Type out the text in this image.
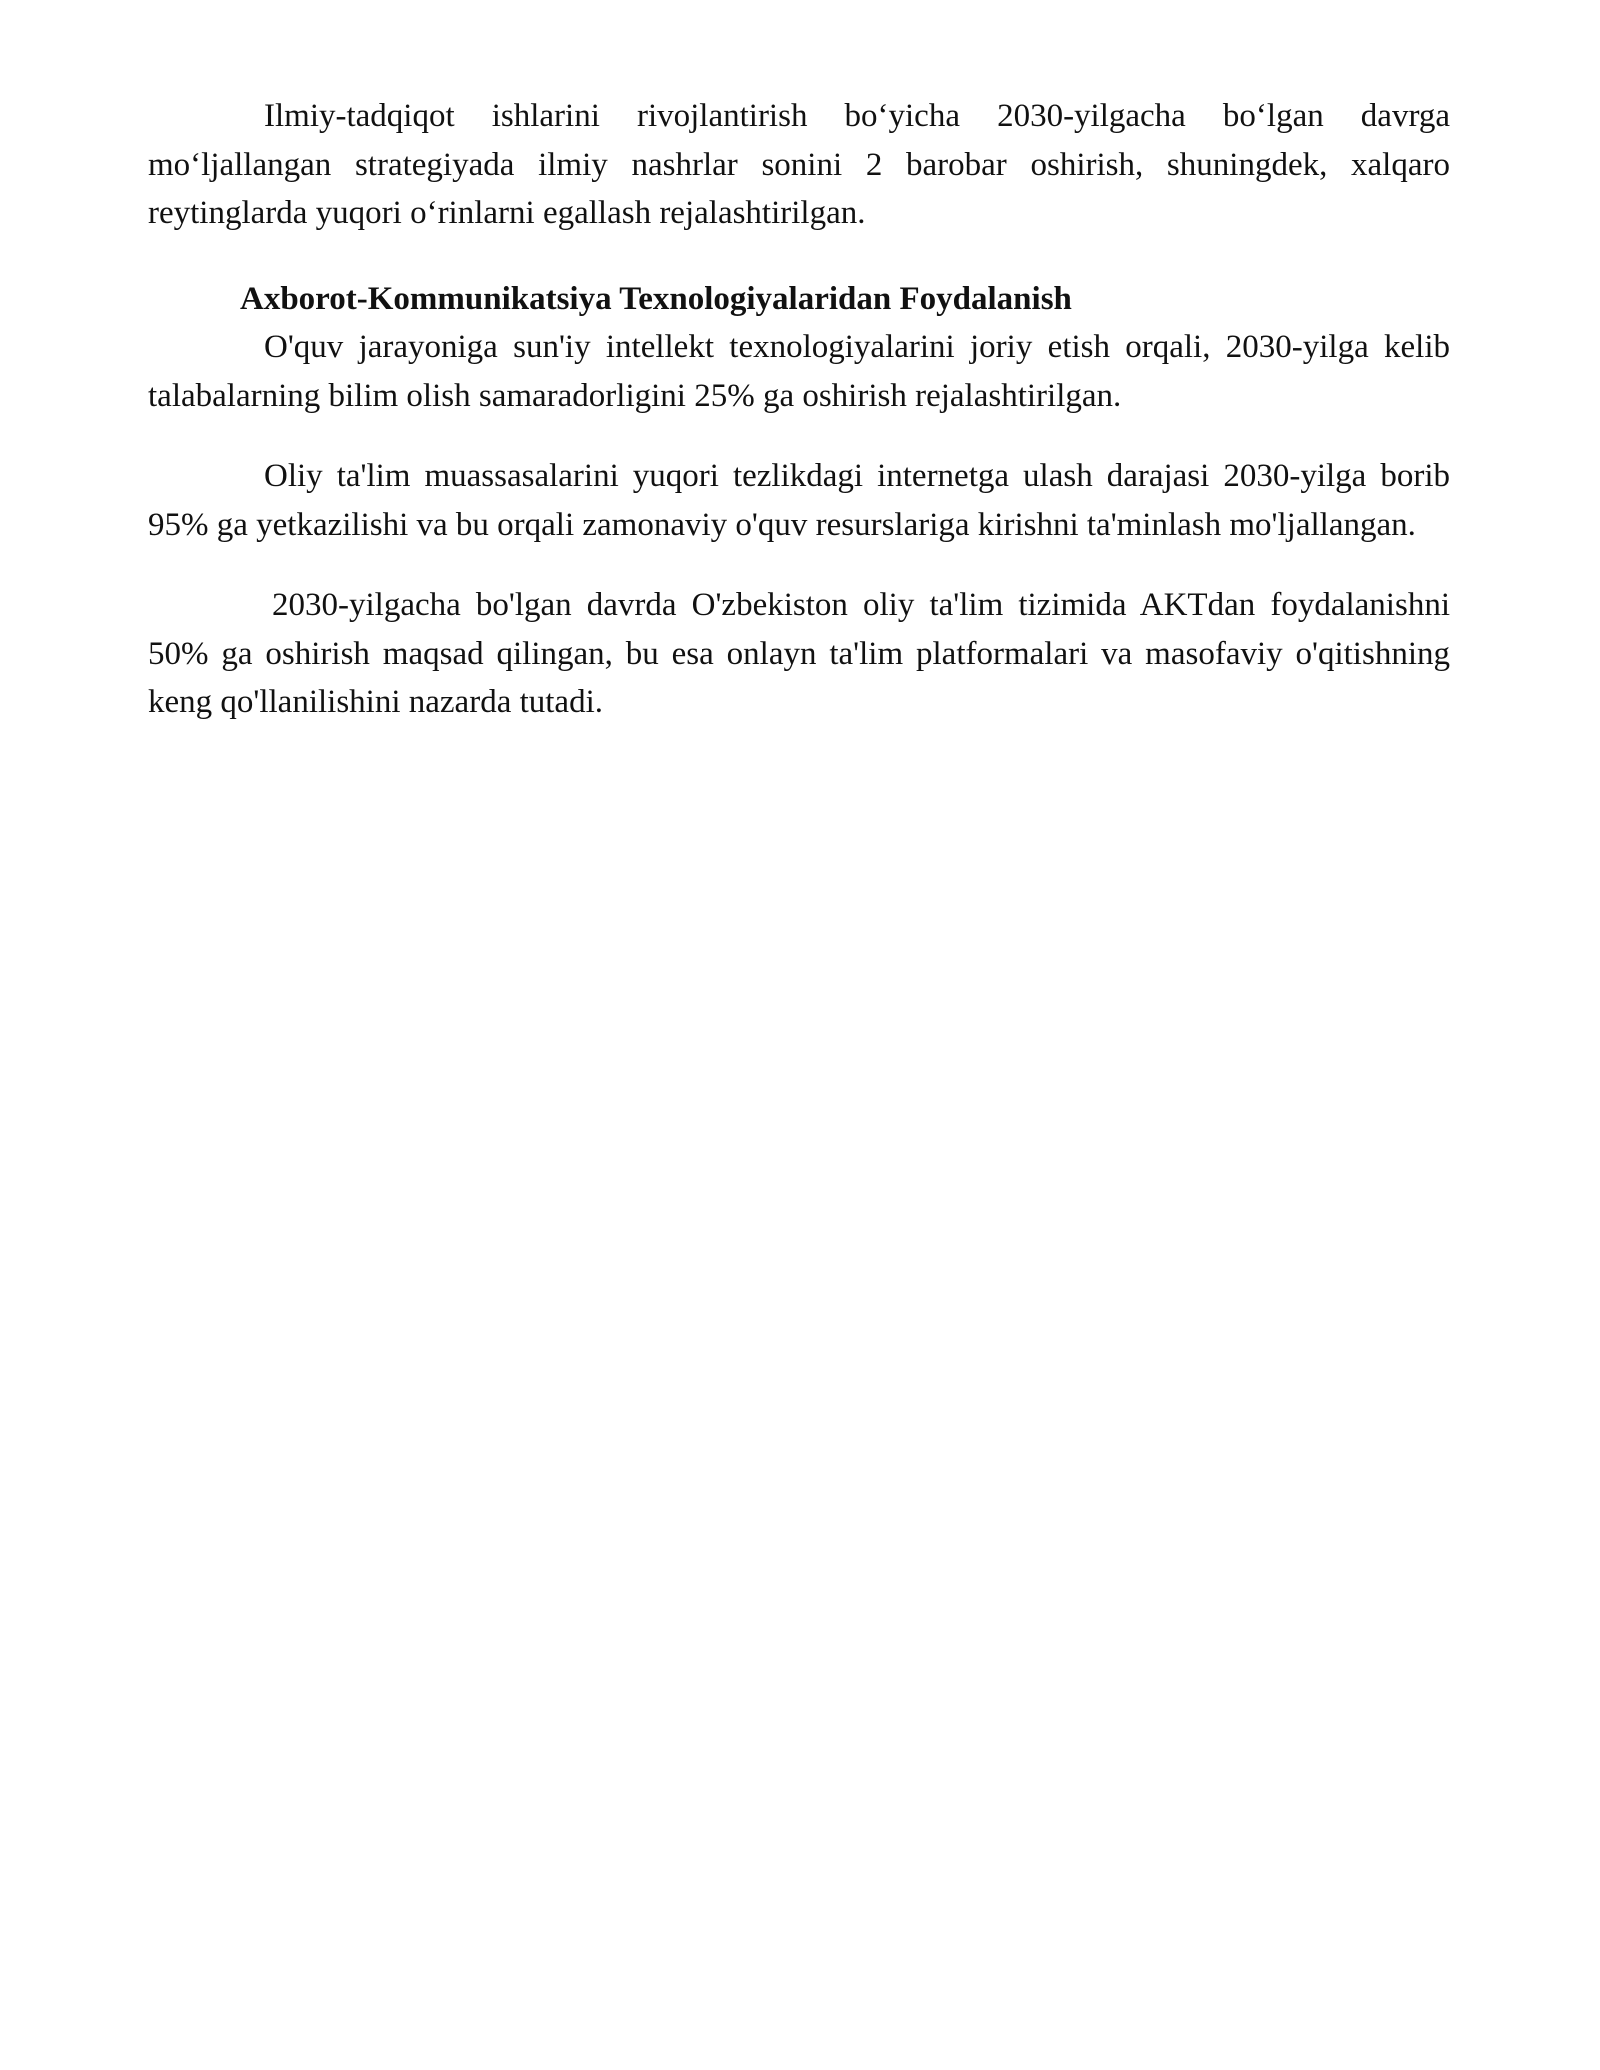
Ilmiy-tadqiqot ishlarini rivojlantirish bo‘yicha 2030-yilgacha bo‘lgan davrga mo‘ljallangan strategiyada ilmiy nashrlar sonini 2 barobar oshirish, shuningdek, xalqaro reytinglarda yuqori o‘rinlarni egallash rejalashtirilgan.

Axborot-Kommunikatsiya Texnologiyalaridan Foydalanish

O'quv jarayoniga sun'iy intellekt texnologiyalarini joriy etish orqali, 2030-yilga kelib talabalarning bilim olish samaradorligini 25% ga oshirish rejalashtirilgan.

Oliy ta'lim muassasalarini yuqori tezlikdagi internetga ulash darajasi 2030-yilga borib 95% ga yetkazilishi va bu orqali zamonaviy o'quv resurslariga kirishni ta'minlash mo'ljallangan.

2030-yilgacha bo'lgan davrda O'zbekiston oliy ta'lim tizimida AKTdan foydalanishni 50% ga oshirish maqsad qilingan, bu esa onlayn ta'lim platformalari va masofaviy o'qitishning keng qo'llanilishini nazarda tutadi.
